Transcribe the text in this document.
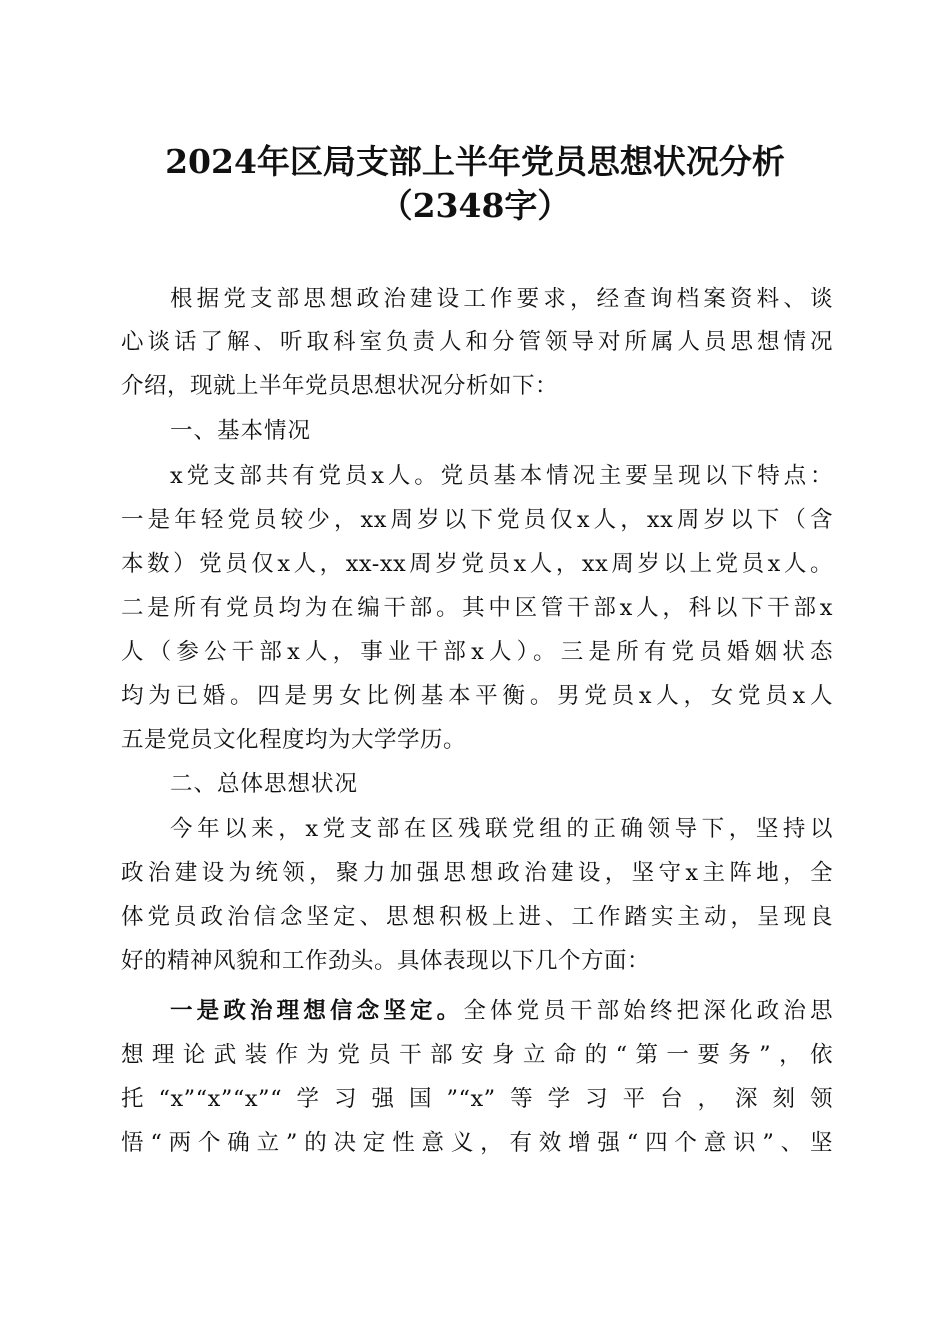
2024年区局支部上半年党员思想状况分析
（2348字）
根据党支部思想政治建设工作要求，经查询档案资料、谈
心谈话了解、听取科室负责人和分管领导对所属人员思想情况
介绍，现就上半年党员思想状况分析如下：
一、基本情况
x党支部共有党员x人。党员基本情况主要呈现以下特点：
一是年轻党员较少，xx周岁以下党员仅x人，xx周岁以下（含
本数）党员仅x人，xx-xx周岁党员x人，xx周岁以上党员x人。
二是所有党员均为在编干部。其中区管干部x人，科以下干部x
人（参公干部x人，事业干部x人）。三是所有党员婚姻状态
均为已婚。四是男女比例基本平衡。男党员x人，女党员x人
五是党员文化程度均为大学学历。
二、总体思想状况
今年以来，x党支部在区残联党组的正确领导下，坚持以
政治建设为统领，聚力加强思想政治建设，坚守x主阵地，全
体党员政治信念坚定、思想积极上进、工作踏实主动，呈现良
好的精神风貌和工作劲头。具体表现以下几个方面：
一是政治理想信念坚定。全体党员干部始终把深化政治思
想理论武装作为党员干部安身立命的“第一要务”，依
托“x”“x”“x”“学习强国”“x”等学习平台，深刻领
悟“两个确立”的决定性意义，有效增强“四个意识”、坚
